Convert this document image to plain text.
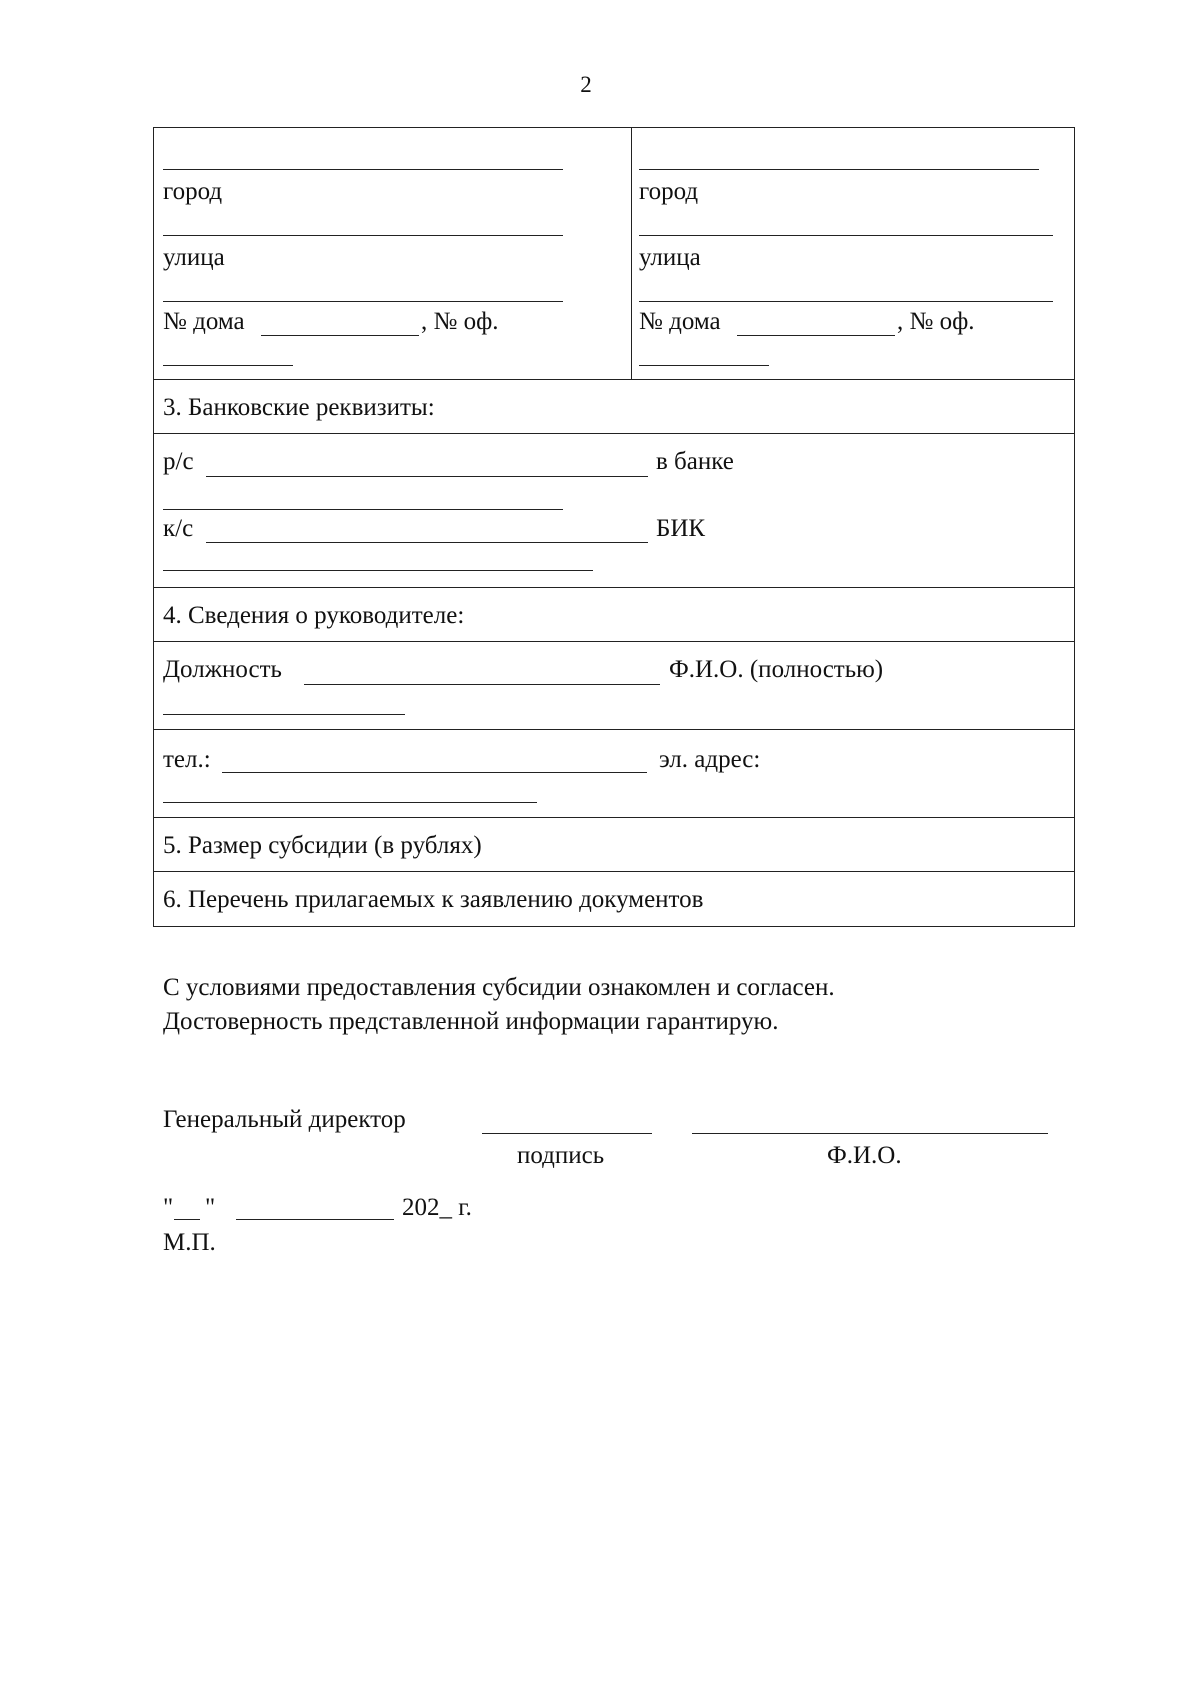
2
город
улица
№ дома	, № оф.
город
улица
№ дома	, № оф.
3. Банковские реквизиты:
р/с	в банке
к/с	БИК
4. Сведения о руководителе:
Должность	Ф.И.О. (полностью)
тел.:	эл. адрес:
5. Размер субсидии (в рублях)
6. Перечень прилагаемых к заявлению документов
С условиями предоставления субсидии ознакомлен и согласен.
Достоверность представленной информации гарантирую.
Генеральный директор
подпись	Ф.И.О.
" "	202_ г.
М.П.
